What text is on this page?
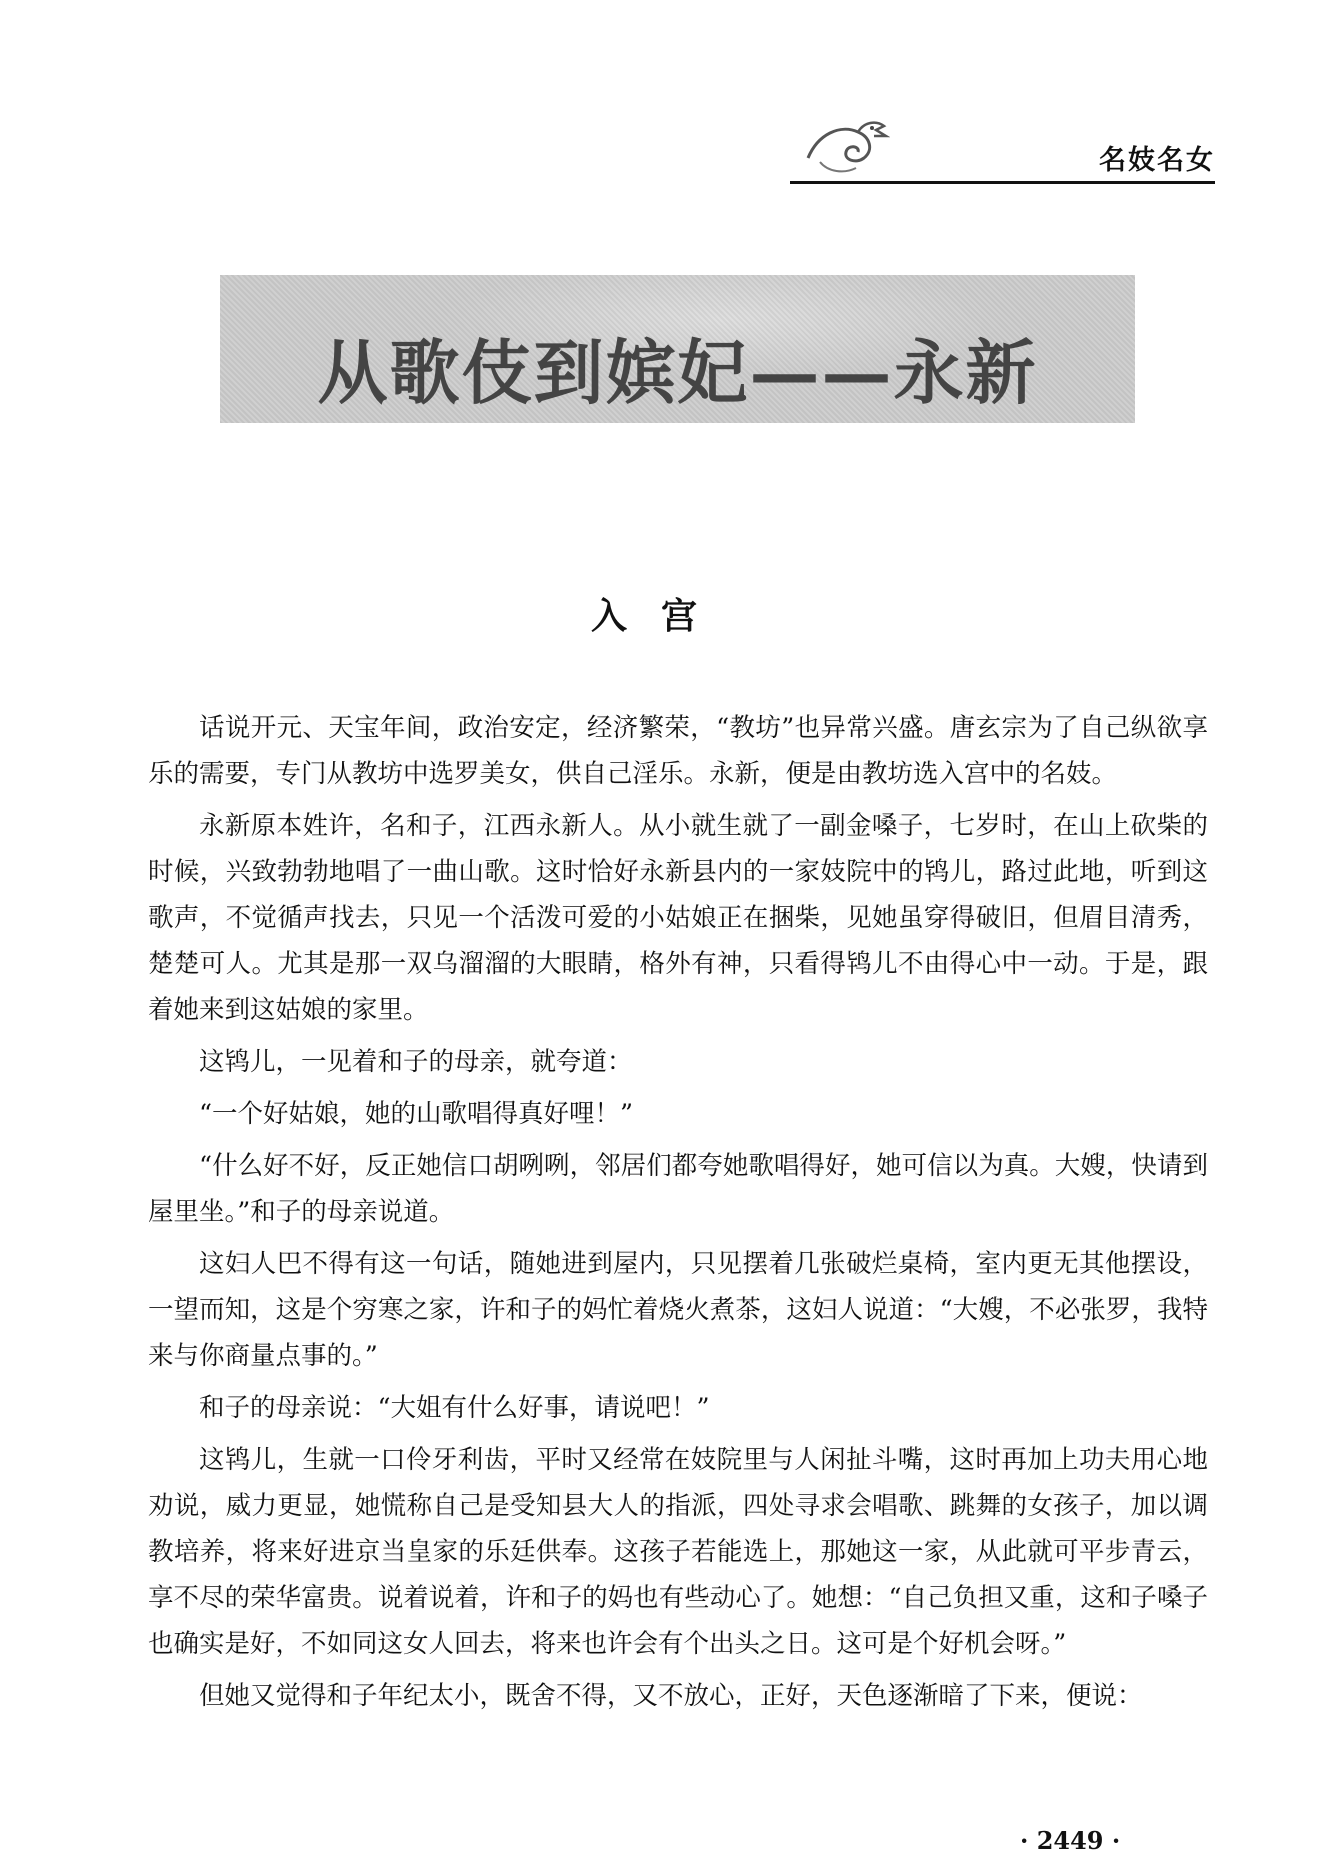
名妓名女
从歌伎到嫔妃——永新
入宫

话说开元、天宝年间，政治安定，经济繁荣，“教坊”也异常兴盛。唐玄宗为了自己纵欲享乐的需要，专门从教坊中选罗美女，供自己淫乐。永新，便是由教坊选入宫中的名妓。

永新原本姓许，名和子，江西永新人。从小就生就了一副金嗓子，七岁时，在山上砍柴的时候，兴致勃勃地唱了一曲山歌。这时恰好永新县内的一家妓院中的鸨儿，路过此地，听到这歌声，不觉循声找去，只见一个活泼可爱的小姑娘正在捆柴，见她虽穿得破旧，但眉目清秀，楚楚可人。尤其是那一双乌溜溜的大眼睛，格外有神，只看得鸨儿不由得心中一动。于是，跟着她来到这姑娘的家里。

这鸨儿，一见着和子的母亲，就夸道：

“一个好姑娘，她的山歌唱得真好哩！”

“什么好不好，反正她信口胡咧咧，邻居们都夸她歌唱得好，她可信以为真。大嫂，快请到屋里坐。”和子的母亲说道。

这妇人巴不得有这一句话，随她进到屋内，只见摆着几张破烂桌椅，室内更无其他摆设，一望而知，这是个穷寒之家，许和子的妈忙着烧火煮茶，这妇人说道：“大嫂，不必张罗，我特来与你商量点事的。”

和子的母亲说：“大姐有什么好事，请说吧！”

这鸨儿，生就一口伶牙利齿，平时又经常在妓院里与人闲扯斗嘴，这时再加上功夫用心地劝说，威力更显，她慌称自己是受知县大人的指派，四处寻求会唱歌、跳舞的女孩子，加以调教培养，将来好进京当皇家的乐廷供奉。这孩子若能选上，那她这一家，从此就可平步青云，享不尽的荣华富贵。说着说着，许和子的妈也有些动心了。她想：“自己负担又重，这和子嗓子也确实是好，不如同这女人回去，将来也许会有个出头之日。这可是个好机会呀。”

但她又觉得和子年纪太小，既舍不得，又不放心，正好，天色逐渐暗了下来，便说：

· 2449 ·
